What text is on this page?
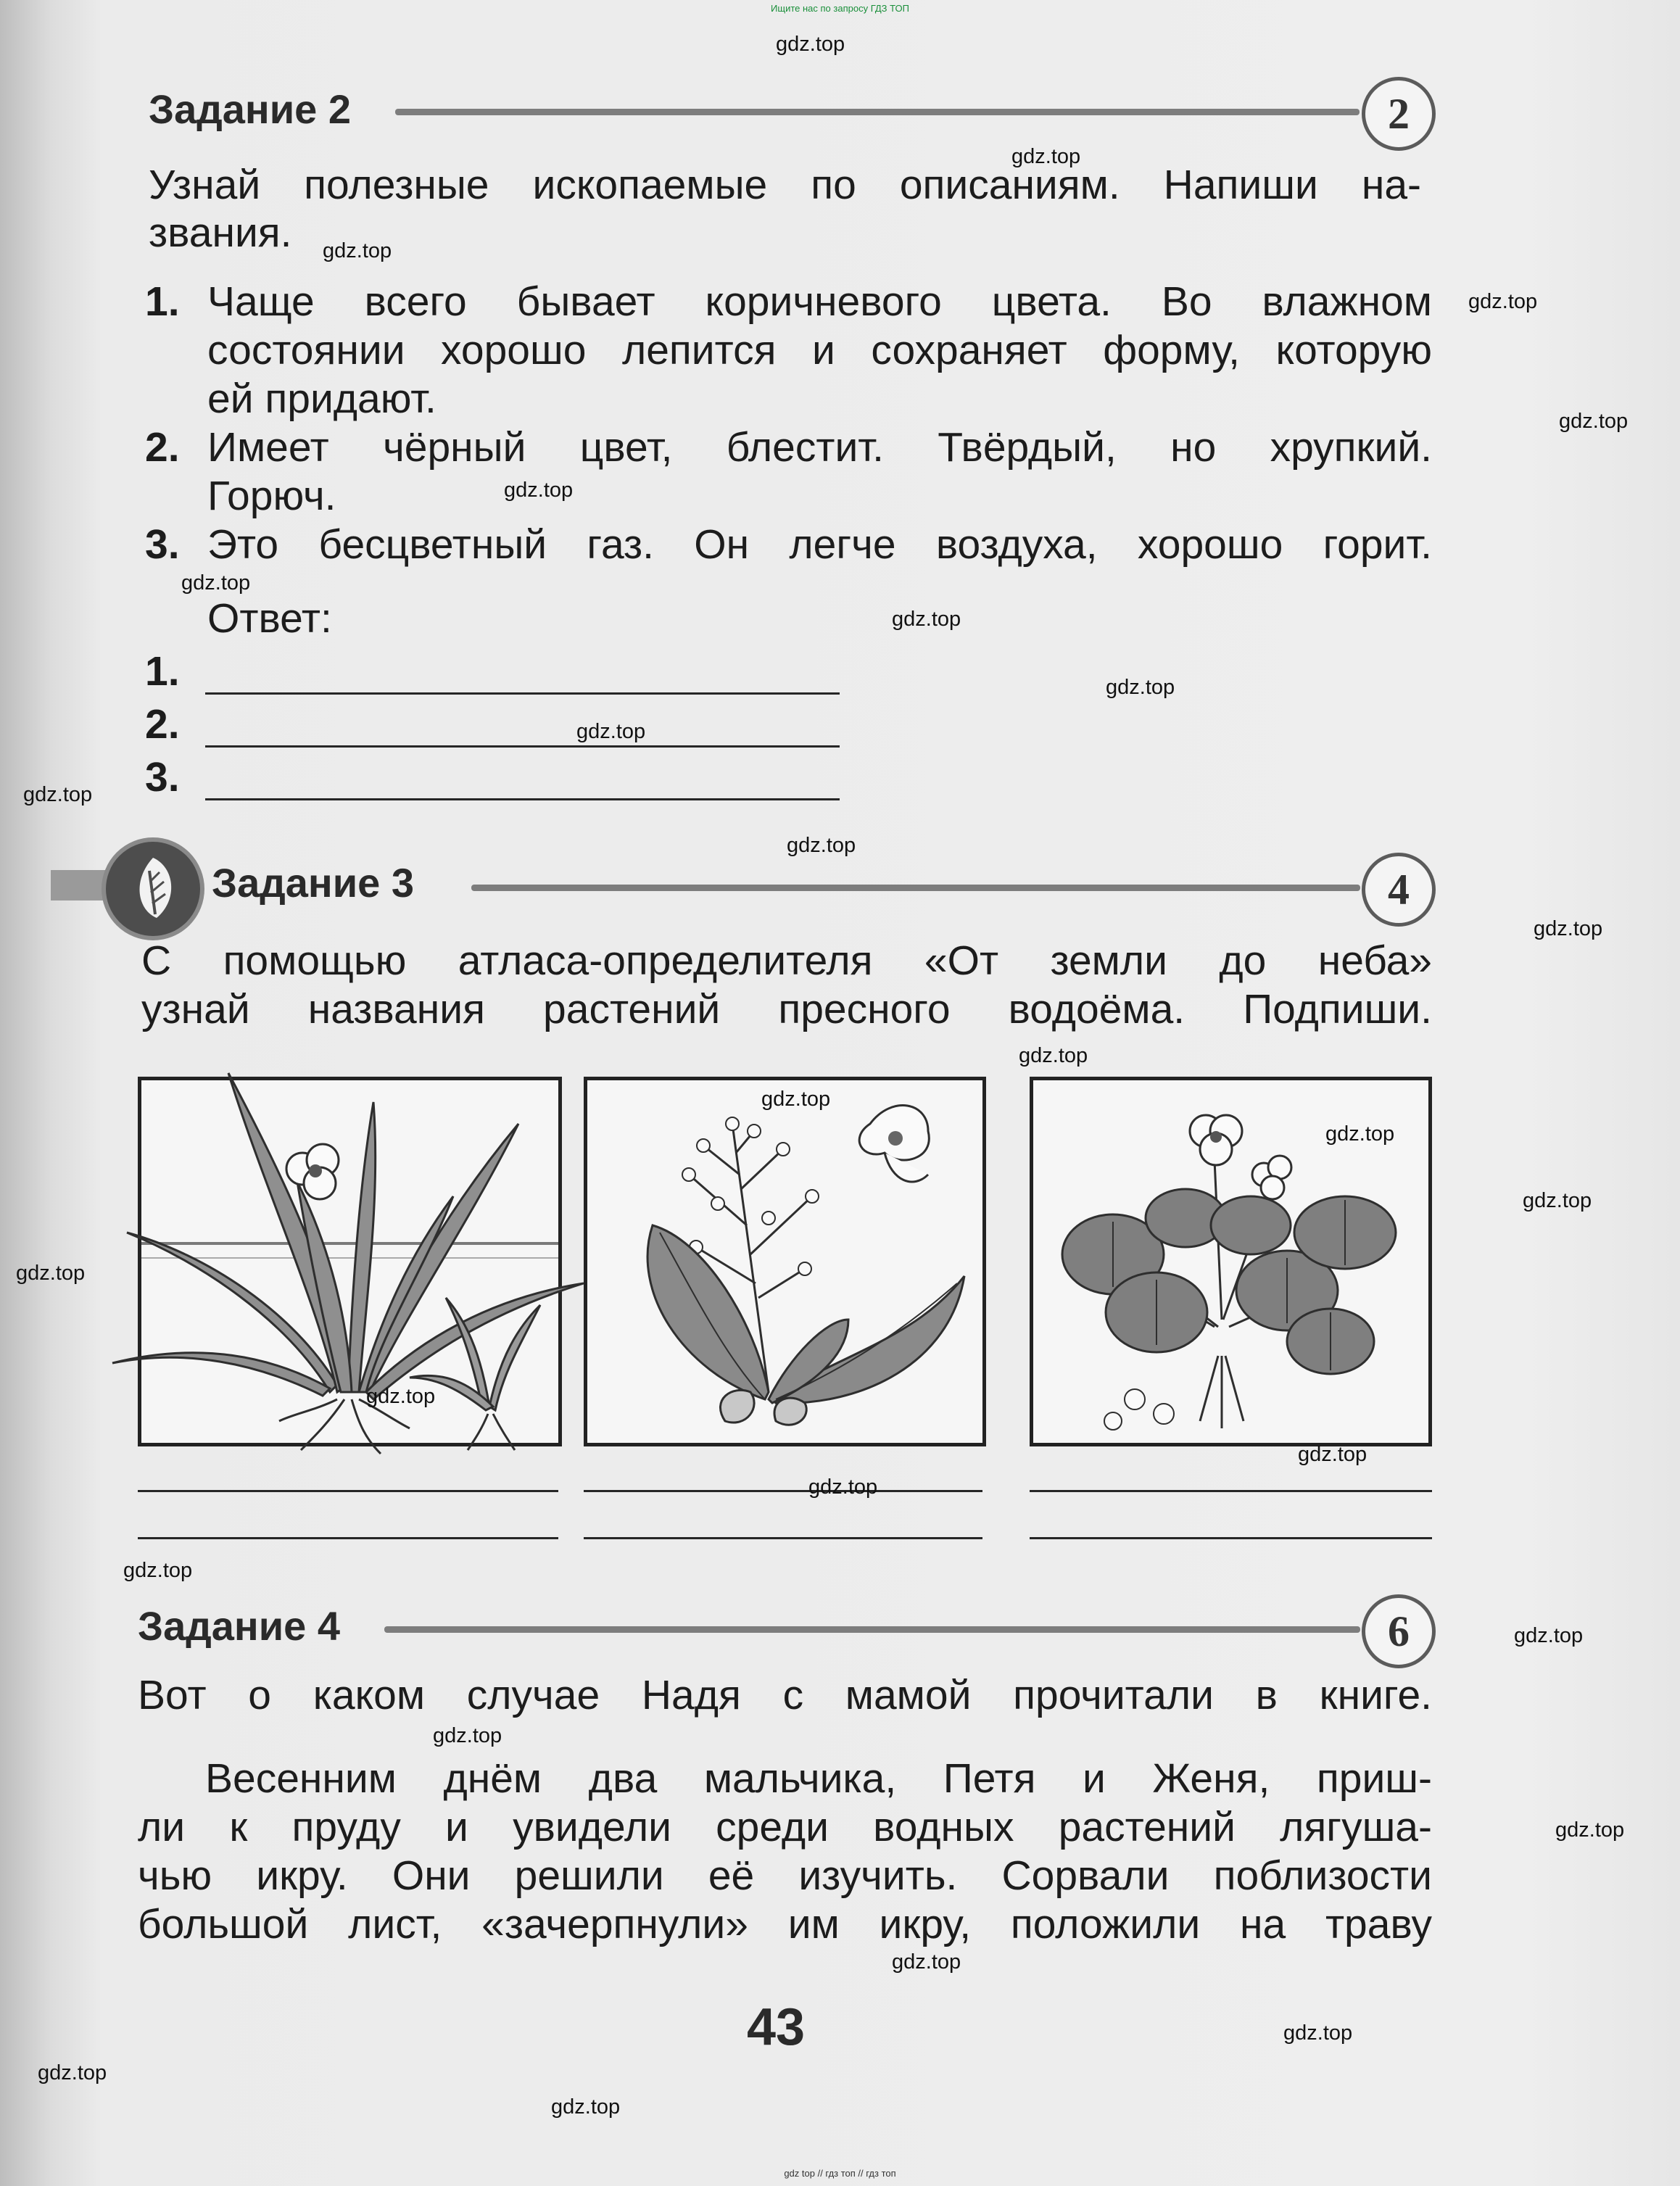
Ищите нас по запросу ГДЗ ТОП
Задание 2	2
Узнай полезные ископаемые по описаниям. Напиши на-
звания.
1. Чаще всего бывает коричневого цвета. Во влажном
состоянии хорошо лепится и сохраняет форму, которую
ей придают.
2. Имеет чёрный цвет, блестит. Твёрдый, но хрупкий.
Горюч.
3. Это бесцветный газ. Он легче воздуха, хорошо горит.
Ответ:
1.
2.
3.
Задание 3	4
С помощью атласа-определителя «От земли до неба»
узнай названия растений пресного водоёма. Подпиши.
Задание 4	6
Вот о каком случае Надя с мамой прочитали в книге.
Весенним днём два мальчика, Петя и Женя, приш-
ли к пруду и увидели среди водных растений лягуша-
чью икру. Они решили её изучить. Сорвали поблизости
большой лист, «зачерпнули» им икру, положили на траву
43
gdz.top
gdz.top
gdz.top
gdz.top
gdz.top
gdz.top
gdz.top
gdz.top
gdz.top
gdz.top
gdz.top
gdz.top
gdz.top
gdz.top
gdz.top
gdz.top
gdz.top
gdz.top
gdz.top
gdz.top
gdz.top
gdz.top
gdz.top
gdz.top
gdz.top
gdz.top
gdz.top
gdz.top
gdz.top
gdz top // гдз топ // гдз топ
